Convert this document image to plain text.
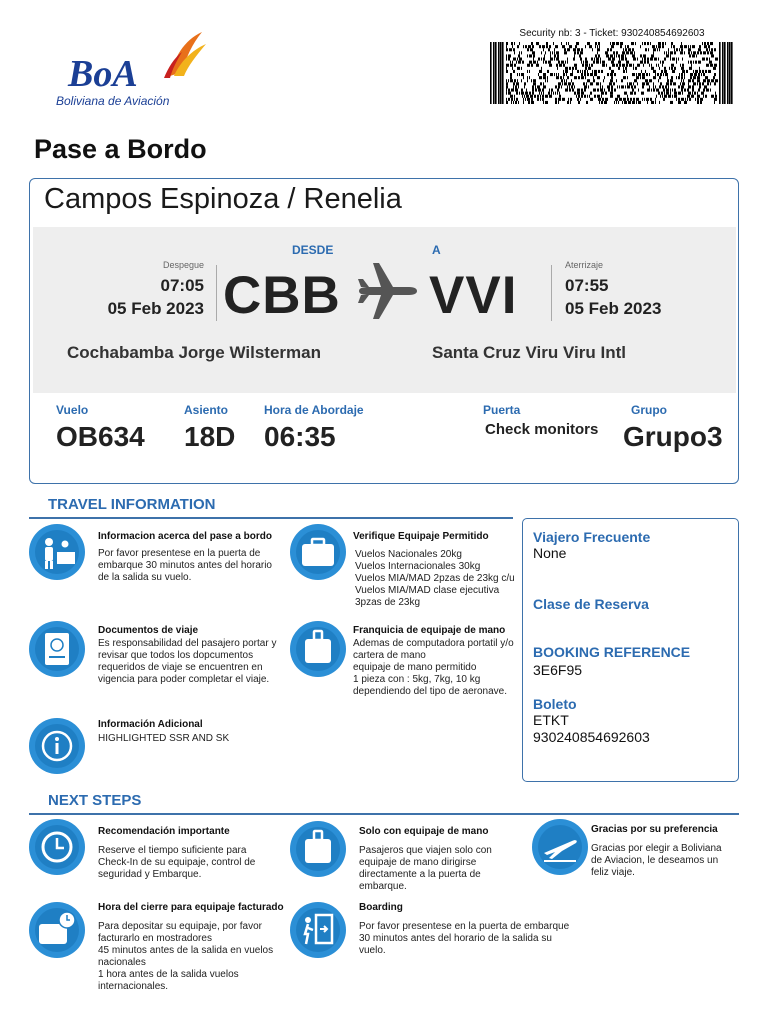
BoA
Boliviana de Aviación
Security nb: 3 - Ticket: 930240854692603
Pase a Bordo
Campos Espinoza / Renelia
DESDE	A
Despegue
07:05
05 Feb 2023 CBB VVI
Aterrizaje
07:55
05 Feb 2023
Cochabamba Jorge Wilsterman	Santa Cruz Viru Viru Intl
Vuelo
OB634
Asiento
18D
Hora de Abordaje
06:35
Puerta
Check monitors
Grupo
Grupo3
TRAVEL INFORMATION
Informacion acerca del pase a bordo
Por favor presentese en la puerta de
embarque 30 minutos antes del horario
de la salida su vuelo.
Verifique Equipaje Permitido
Vuelos Nacionales 20kg
Vuelos Internacionales 30kg
Vuelos MIA/MAD 2pzas de 23kg c/u
Vuelos MIA/MAD clase ejecutiva
3pzas de 23kg
Documentos de viaje
Es responsabilidad del pasajero portar y
revisar que todos los dopcumentos
requeridos de viaje se encuentren en
vigencia para poder completar el viaje.
Franquicia de equipaje de mano
Ademas de computadora portatil y/o
cartera de mano
equipaje de mano permitido
1 pieza con : 5kg, 7kg, 10 kg
dependiendo del tipo de aeronave.
Información Adicional
HIGHLIGHTED SSR AND SK
Viajero Frecuente
None
Clase de Reserva
BOOKING REFERENCE
3E6F95
Boleto
ETKT
930240854692603
NEXT STEPS
Recomendación importante
Reserve el tiempo suficiente para
Check-In de su equipaje, control de
seguridad y Embarque.
Solo con equipaje de mano
Pasajeros que viajen solo con
equipaje de mano dirigirse
directamente a la puerta de
embarque.
Gracias por su preferencia
Gracias por elegir a Boliviana
de Aviacion, le deseamos un
feliz viaje.
Hora del cierre para equipaje facturado
Para depositar su equipaje, por favor
facturarlo en mostradores
45 minutos antes de la salida en vuelos
nacionales
1 hora antes de la salida vuelos
internacionales.
Boarding
Por favor presentese en la puerta de embarque
30 minutos antes del horario de la salida su
vuelo.
